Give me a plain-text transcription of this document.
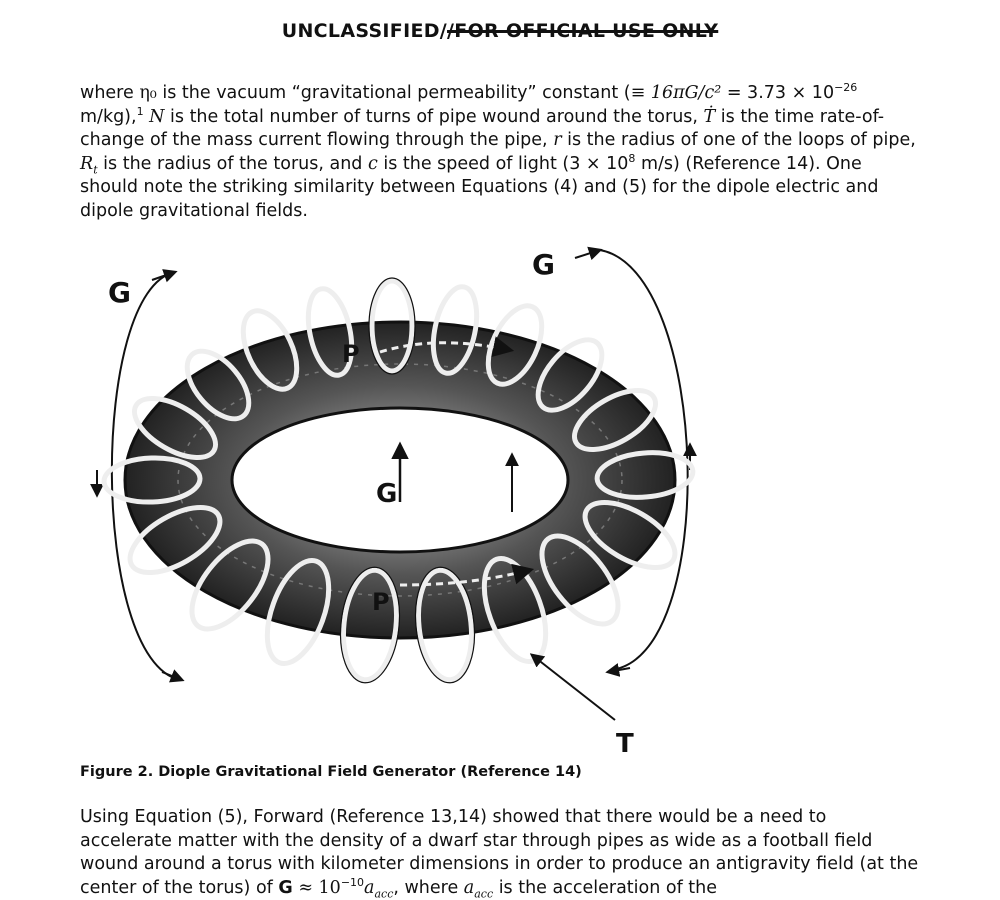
UNCLASSIFIED//FOR OFFICIAL USE ONLY

where η₀ is the vacuum “gravitational permeability” constant (≡ $16\pi G/c^2 = 3.73 \times 10^{-26}$ m/kg),$^1$ N is the total number of turns of pipe wound around the torus, Ṫ is the time rate-of-change of the mass current flowing through the pipe, r is the radius of one of the loops of pipe, $R_t$ is the radius of the torus, and c is the speed of light ($3 \times 10^8$ m/s) (Reference 14). One should note the striking similarity between Equations (4) and (5) for the dipole electric and dipole gravitational fields.

G
G
G
P
P
T
Figure 2. Diople Gravitational Field Generator (Reference 14)

Using Equation (5), Forward (Reference 13,14) showed that there would be a need to accelerate matter with the density of a dwarf star through pipes as wide as a football field wound around a torus with kilometer dimensions in order to produce an antigravity field (at the center of the torus) of $G \approx 10^{-10}a_{acc}$, where $a_{acc}$ is the acceleration of the
